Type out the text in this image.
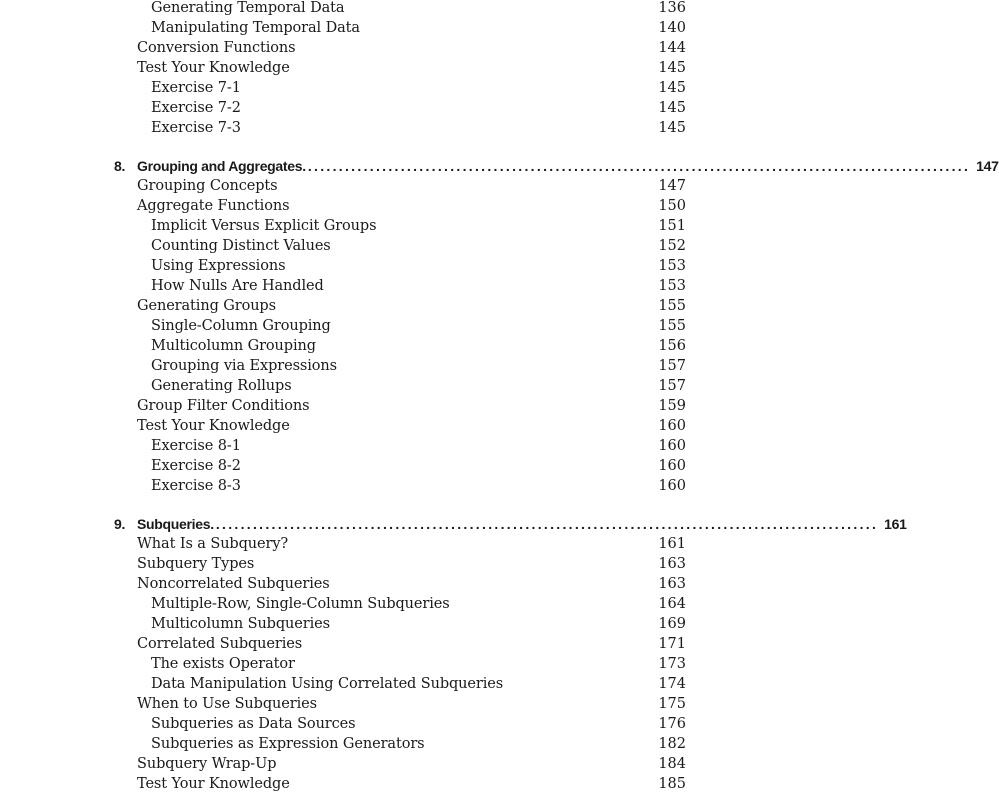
Generating Temporal Data	136
Manipulating Temporal Data	140
Conversion Functions	144
Test Your Knowledge	145
Exercise 7-1	145
Exercise 7-2	145
Exercise 7-3	145
8. Grouping and Aggregates. ........................................................................................................... 147
Grouping Concepts	147
Aggregate Functions	150
Implicit Versus Explicit Groups	151
Counting Distinct Values	152
Using Expressions	153
How Nulls Are Handled	153
Generating Groups	155
Single-Column Grouping	155
Multicolumn Grouping	156
Grouping via Expressions	157
Generating Rollups	157
Group Filter Conditions	159
Test Your Knowledge	160
Exercise 8-1	160
Exercise 8-2	160
Exercise 8-3	160
9. Subqueries. ........................................................................................................... 161
What Is a Subquery?	161
Subquery Types	163
Noncorrelated Subqueries	163
Multiple-Row, Single-Column Subqueries	164
Multicolumn Subqueries	169
Correlated Subqueries	171
The exists Operator	173
Data Manipulation Using Correlated Subqueries	174
When to Use Subqueries	175
Subqueries as Data Sources	176
Subqueries as Expression Generators	182
Subquery Wrap-Up	184
Test Your Knowledge	185
